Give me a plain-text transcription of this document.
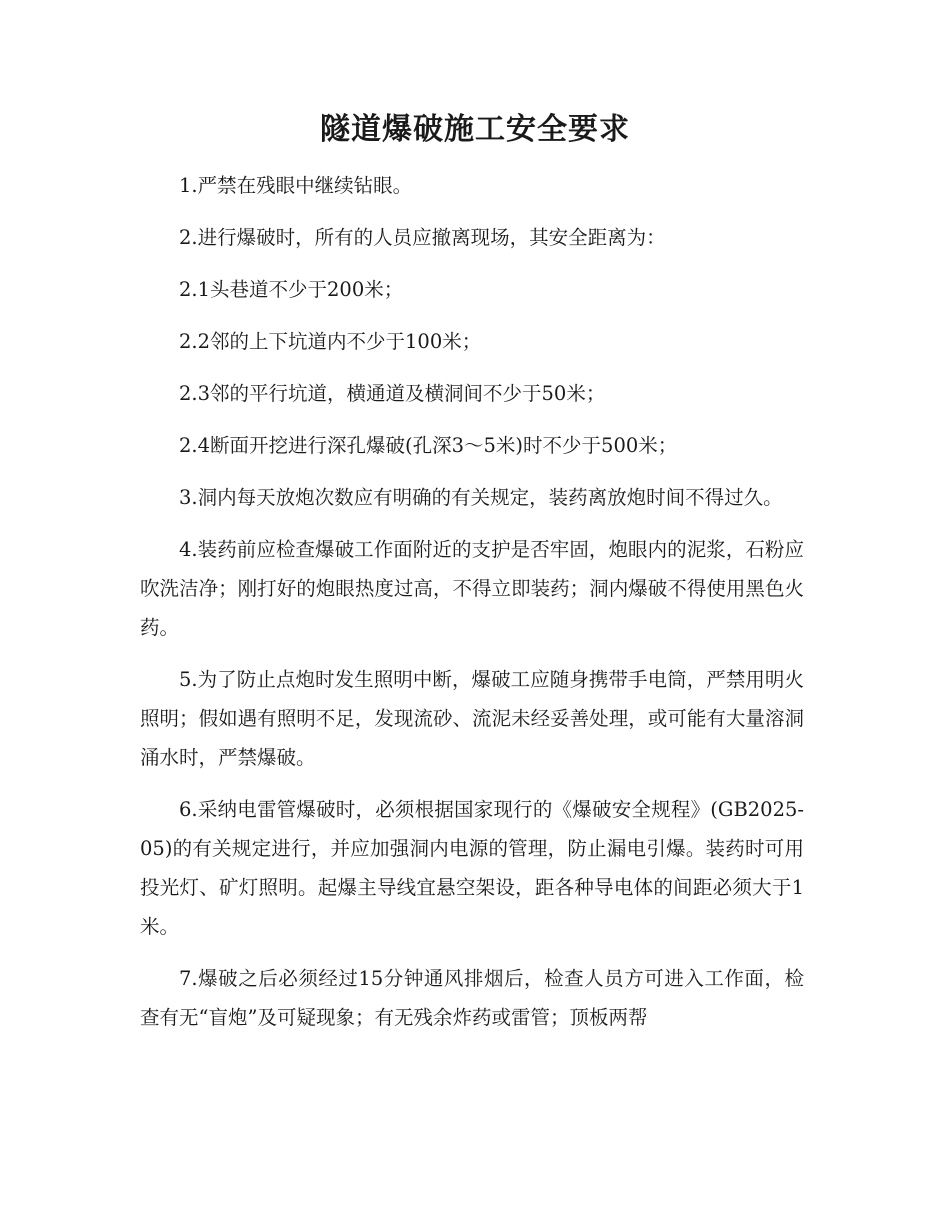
隧道爆破施工安全要求

1.严禁在残眼中继续钻眼。

2.进行爆破时，所有的人员应撤离现场，其安全距离为：

2.1头巷道不少于200米；

2.2邻的上下坑道内不少于100米；

2.3邻的平行坑道，横通道及横洞间不少于50米；

2.4断面开挖进行深孔爆破(孔深3～5米)时不少于500米；

3.洞内每天放炮次数应有明确的有关规定，装药离放炮时间不得过久。

4.装药前应检查爆破工作面附近的支护是否牢固，炮眼内的泥浆，石粉应吹洗洁净；刚打好的炮眼热度过高，不得立即装药；洞内爆破不得使用黑色火药。

5.为了防止点炮时发生照明中断，爆破工应随身携带手电筒，严禁用明火照明；假如遇有照明不足，发现流砂、流泥未经妥善处理，或可能有大量溶洞涌水时，严禁爆破。

6.采纳电雷管爆破时，必须根据国家现行的《爆破安全规程》(GB2025-05)的有关规定进行，并应加强洞内电源的管理，防止漏电引爆。装药时可用投光灯、矿灯照明。起爆主导线宜悬空架设，距各种导电体的间距必须大于1米。

7.爆破之后必须经过15分钟通风排烟后，检查人员方可进入工作面，检查有无“盲炮”及可疑现象；有无残余炸药或雷管；顶板两帮
